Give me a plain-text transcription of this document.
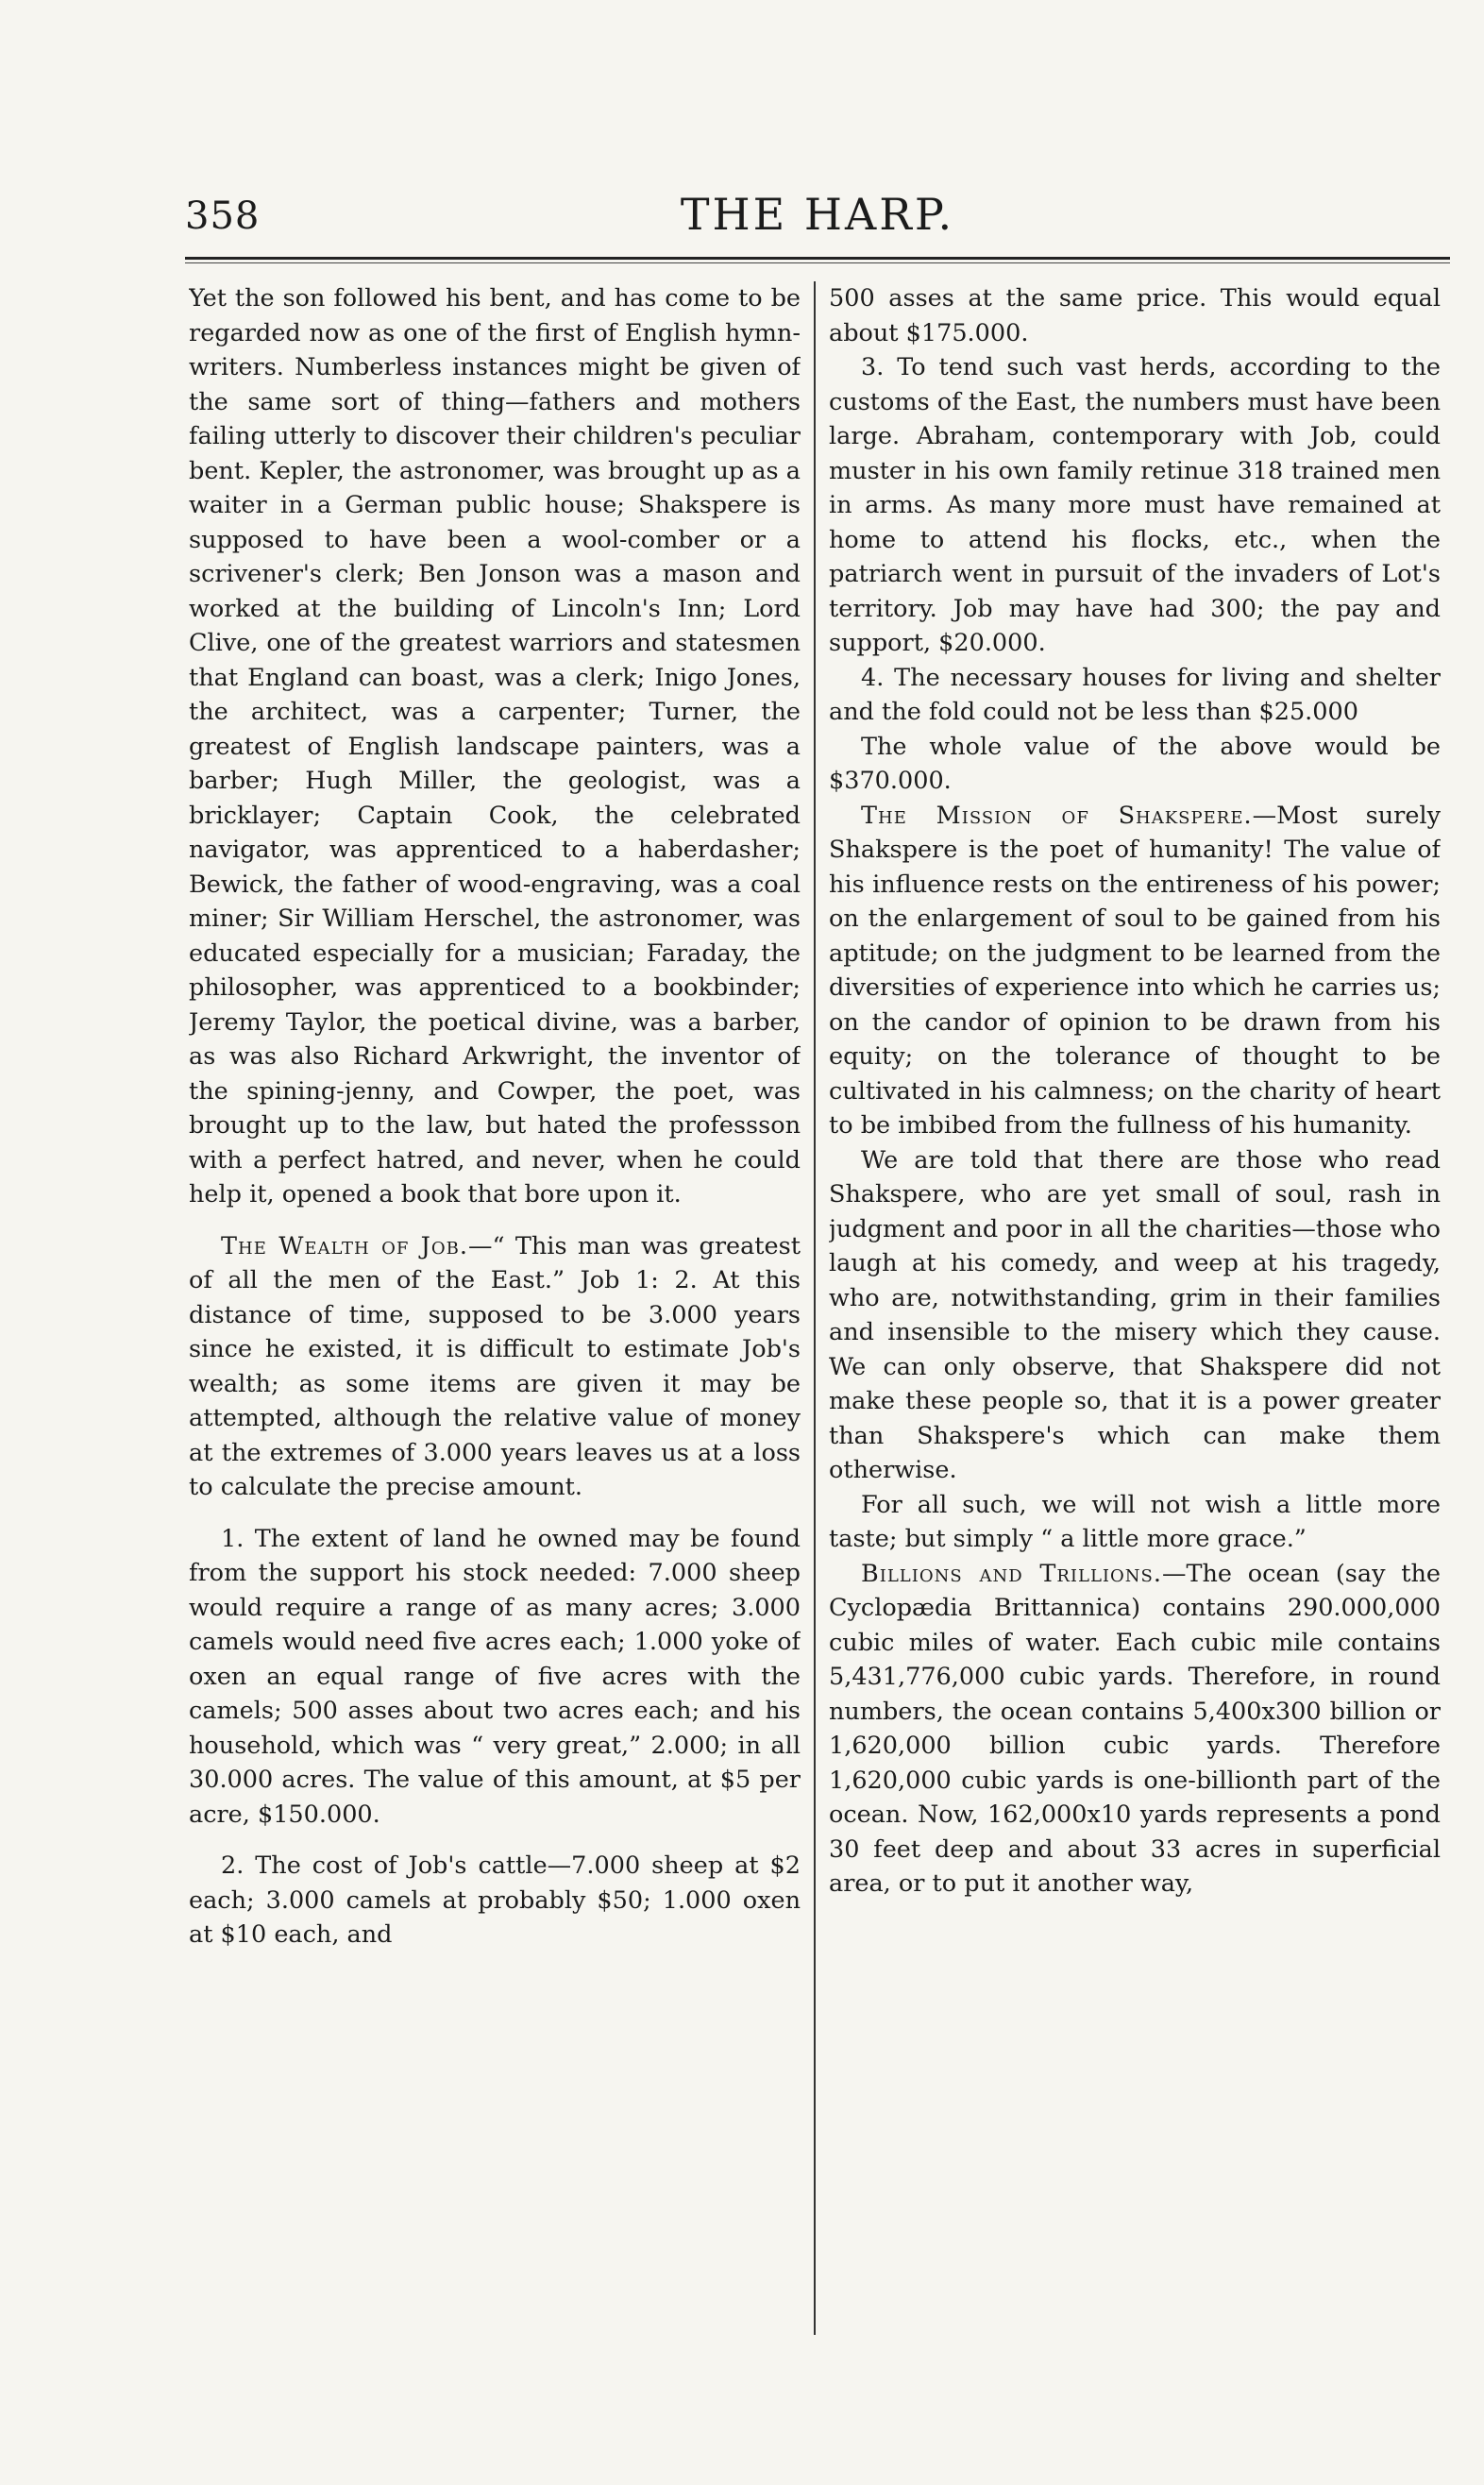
358	THE HARP.

Yet the son followed his bent, and has come to be regarded now as one of the first of English hymn-writers. Numberless instances might be given of the same sort of thing—fathers and mothers failing utterly to discover their children's peculiar bent. Kepler, the astronomer, was brought up as a waiter in a German public house; Shakspere is supposed to have been a wool-comber or a scrivener's clerk; Ben Jonson was a mason and worked at the building of Lincoln's Inn; Lord Clive, one of the greatest warriors and statesmen that England can boast, was a clerk; Inigo Jones, the architect, was a carpenter; Turner, the greatest of English landscape painters, was a barber; Hugh Miller, the geologist, was a bricklayer; Captain Cook, the celebrated navigator, was apprenticed to a haberdasher; Bewick, the father of wood-engraving, was a coal miner; Sir William Herschel, the astronomer, was educated especially for a musician; Faraday, the philosopher, was apprenticed to a bookbinder; Jeremy Taylor, the poetical divine, was a barber, as was also Richard Arkwright, the inventor of the spining-jenny, and Cowper, the poet, was brought up to the law, but hated the professson with a perfect hatred, and never, when he could help it, opened a book that bore upon it.

The Wealth of Job.—“ This man was greatest of all the men of the East.” Job 1: 2. At this distance of time, supposed to be 3.000 years since he existed, it is difficult to estimate Job's wealth; as some items are given it may be attempted, although the relative value of money at the extremes of 3.000 years leaves us at a loss to calculate the precise amount.

1. The extent of land he owned may be found from the support his stock needed: 7.000 sheep would require a range of as many acres; 3.000 camels would need five acres each; 1.000 yoke of oxen an equal range of five acres with the camels; 500 asses about two acres each; and his household, which was “ very great,” 2.000; in all 30.000 acres. The value of this amount, at $5 per acre, $150.000.

2. The cost of Job's cattle—7.000 sheep at $2 each; 3.000 camels at probably $50; 1.000 oxen at $10 each, and

500 asses at the same price. This would equal about $175.000.

3. To tend such vast herds, according to the customs of the East, the numbers must have been large. Abraham, contemporary with Job, could muster in his own family retinue 318 trained men in arms. As many more must have remained at home to attend his flocks, etc., when the patriarch went in pursuit of the invaders of Lot's territory. Job may have had 300; the pay and support, $20.000.

4. The necessary houses for living and shelter and the fold could not be less than $25.000

The whole value of the above would be $370.000.

The Mission of Shakspere.—Most surely Shakspere is the poet of humanity! The value of his influence rests on the entireness of his power; on the enlargement of soul to be gained from his aptitude; on the judgment to be learned from the diversities of experience into which he carries us; on the candor of opinion to be drawn from his equity; on the tolerance of thought to be cultivated in his calmness; on the charity of heart to be imbibed from the fullness of his humanity.

We are told that there are those who read Shakspere, who are yet small of soul, rash in judgment and poor in all the charities—those who laugh at his comedy, and weep at his tragedy, who are, notwithstanding, grim in their families and insensible to the misery which they cause. We can only observe, that Shakspere did not make these people so, that it is a power greater than Shakspere's which can make them otherwise.

For all such, we will not wish a little more taste; but simply “ a little more grace.”

Billions and Trillions.—The ocean (say the Cyclopædia Brittannica) contains 290.000,000 cubic miles of water. Each cubic mile contains 5,431,776,000 cubic yards. Therefore, in round numbers, the ocean contains 5,400x300 billion or 1,620,000 billion cubic yards. Therefore 1,620,000 cubic yards is one-billionth part of the ocean. Now, 162,000x10 yards represents a pond 30 feet deep and about 33 acres in superficial area, or to put it another way,
